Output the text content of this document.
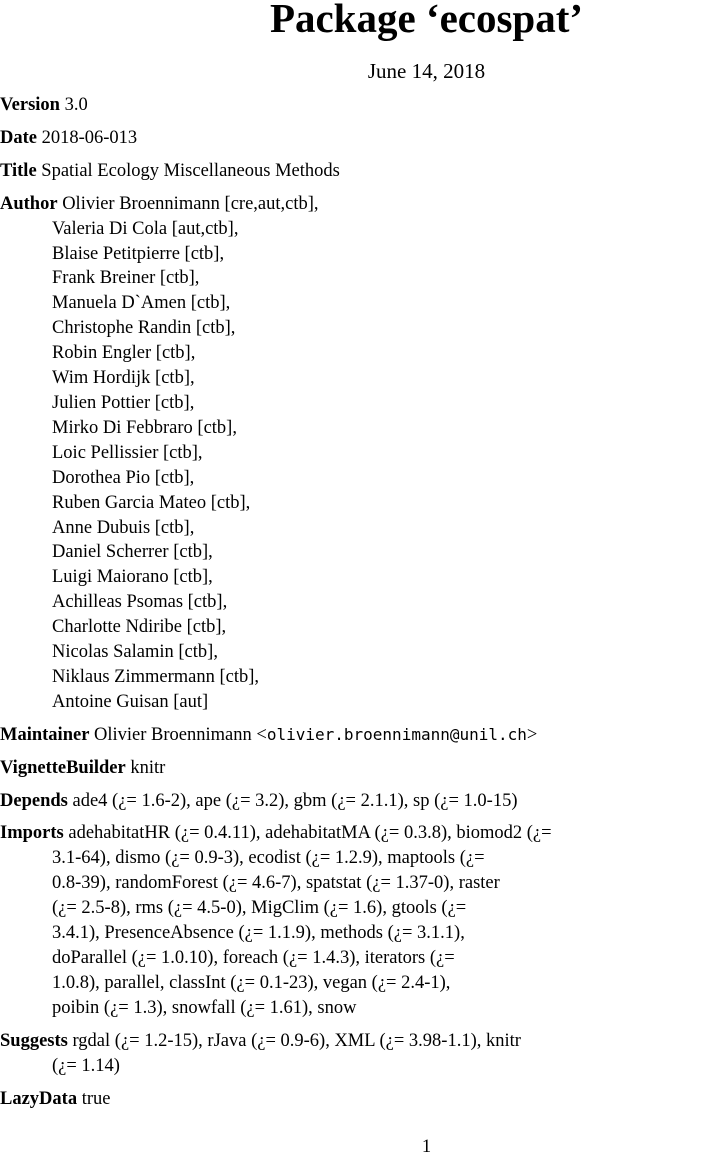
Package ‘ecospat’
June 14, 2018
Version 3.0
Date 2018-06-013
Title Spatial Ecology Miscellaneous Methods
Author Olivier Broennimann [cre,aut,ctb],
Valeria Di Cola [aut,ctb],
Blaise Petitpierre [ctb],
Frank Breiner [ctb],
Manuela D`Amen [ctb],
Christophe Randin [ctb],
Robin Engler [ctb],
Wim Hordijk [ctb],
Julien Pottier [ctb],
Mirko Di Febbraro [ctb],
Loic Pellissier [ctb],
Dorothea Pio [ctb],
Ruben Garcia Mateo [ctb],
Anne Dubuis [ctb],
Daniel Scherrer [ctb],
Luigi Maiorano [ctb],
Achilleas Psomas [ctb],
Charlotte Ndiribe [ctb],
Nicolas Salamin [ctb],
Niklaus Zimmermann [ctb],
Antoine Guisan [aut]
Maintainer Olivier Broennimann <olivier.broennimann@unil.ch>
VignetteBuilder knitr
Depends ade4 (¿= 1.6-2), ape (¿= 3.2), gbm (¿= 2.1.1), sp (¿= 1.0-15)
Imports adehabitatHR (¿= 0.4.11), adehabitatMA (¿= 0.3.8), biomod2 (¿=
3.1-64), dismo (¿= 0.9-3), ecodist (¿= 1.2.9), maptools (¿=
0.8-39), randomForest (¿= 4.6-7), spatstat (¿= 1.37-0), raster
(¿= 2.5-8), rms (¿= 4.5-0), MigClim (¿= 1.6), gtools (¿=
3.4.1), PresenceAbsence (¿= 1.1.9), methods (¿= 3.1.1),
doParallel (¿= 1.0.10), foreach (¿= 1.4.3), iterators (¿=
1.0.8), parallel, classInt (¿= 0.1-23), vegan (¿= 2.4-1),
poibin (¿= 1.3), snowfall (¿= 1.61), snow
Suggests rgdal (¿= 1.2-15), rJava (¿= 0.9-6), XML (¿= 3.98-1.1), knitr
(¿= 1.14)
LazyData true
1
